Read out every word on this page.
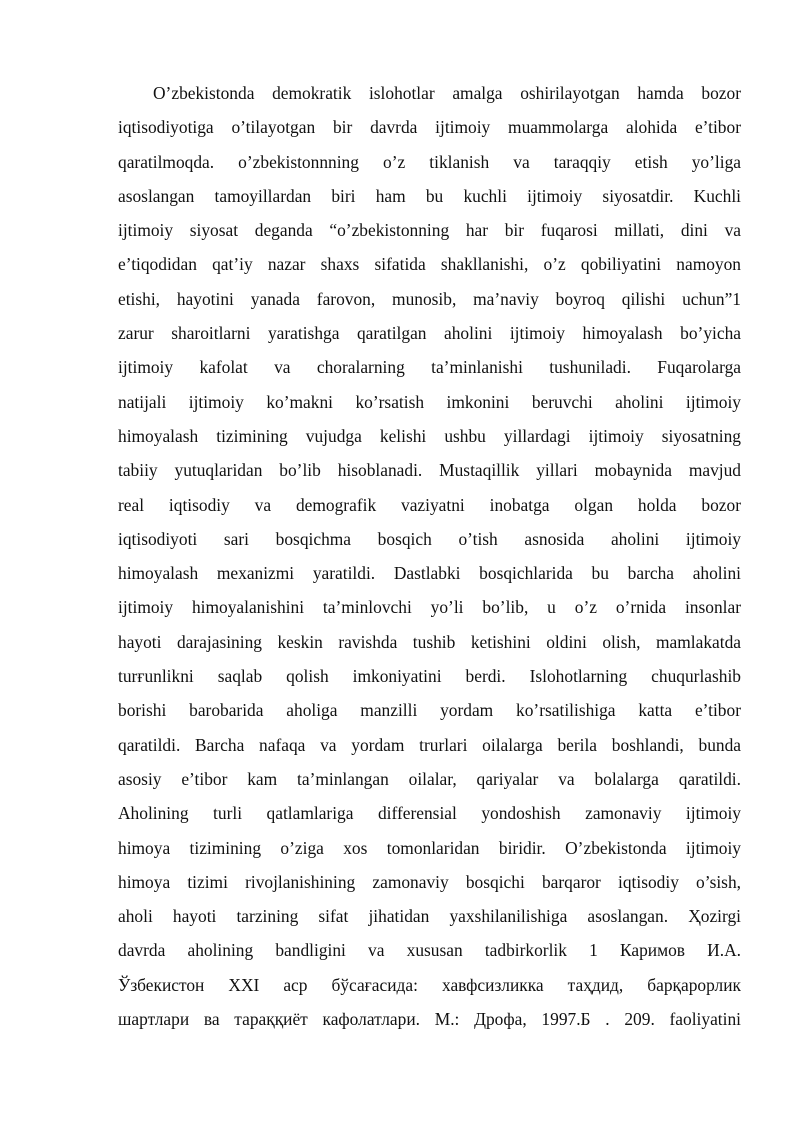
O’zbekistonda demokratik islohotlar amalga oshirilayotgan hamda bozor
iqtisodiyotiga o’tilayotgan bir davrda ijtimoiy muammolarga alohida e’tibor
qaratilmoqda. o’zbekistonnning o’z tiklanish va taraqqiy etish yo’liga
asoslangan tamoyillardan biri ham bu kuchli ijtimoiy siyosatdir. Kuchli
ijtimoiy siyosat deganda “o’zbekistonning har bir fuqarosi millati, dini va
e’tiqodidan qat’iy nazar shaxs sifatida shakllanishi, o’z qobiliyatini namoyon
etishi, hayotini yanada farovon, munosib, ma’naviy boyroq qilishi uchun”1
zarur sharoitlarni yaratishga qaratilgan aholini ijtimoiy himoyalash bo’yicha
ijtimoiy kafolat va choralarning ta’minlanishi tushuniladi. Fuqarolarga
natijali ijtimoiy ko’makni ko’rsatish imkonini beruvchi aholini ijtimoiy
himoyalash tizimining vujudga kelishi ushbu yillardagi ijtimoiy siyosatning
tabiiy yutuqlaridan bo’lib hisoblanadi. Mustaqillik yillari mobaynida mavjud
real iqtisodiy va demografik vaziyatni inobatga olgan holda bozor
iqtisodiyoti sari bosqichma bosqich o’tish asnosida aholini ijtimoiy
himoyalash mexanizmi yaratildi. Dastlabki bosqichlarida bu barcha aholini
ijtimoiy himoyalanishini ta’minlovchi yo’li bo’lib, u o’z o’rnida insonlar
hayoti darajasining keskin ravishda tushib ketishini oldini olish, mamlakatda
turғunlikni saqlab qolish imkoniyatini berdi. Islohotlarning chuqurlashib
borishi barobarida aholiga manzilli yordam ko’rsatilishiga katta e’tibor
qaratildi. Barcha nafaqa va yordam trurlari oilalarga berila boshlandi, bunda
asosiy e’tibor kam ta’minlangan oilalar, qariyalar va bolalarga qaratildi.
Aholining turli qatlamlariga differensial yondoshish zamonaviy ijtimoiy
himoya tizimining o’ziga xos tomonlaridan biridir. O’zbekistonda ijtimoiy
himoya tizimi rivojlanishining zamonaviy bosqichi barqaror iqtisodiy o’sish,
aholi hayoti tarzining sifat jihatidan yaxshilanilishiga asoslangan. Ҳozirgi
davrda aholining bandligini va xususan tadbirkorlik 1 Каримов И.А.
Ўзбекистон XXI аср бўсағасида: хавфсизликка таҳдид, барқарорлик
шартлари ва тараққиёт кафолатлари. М.: Дрофа, 1997.Б . 209. faoliyatini
